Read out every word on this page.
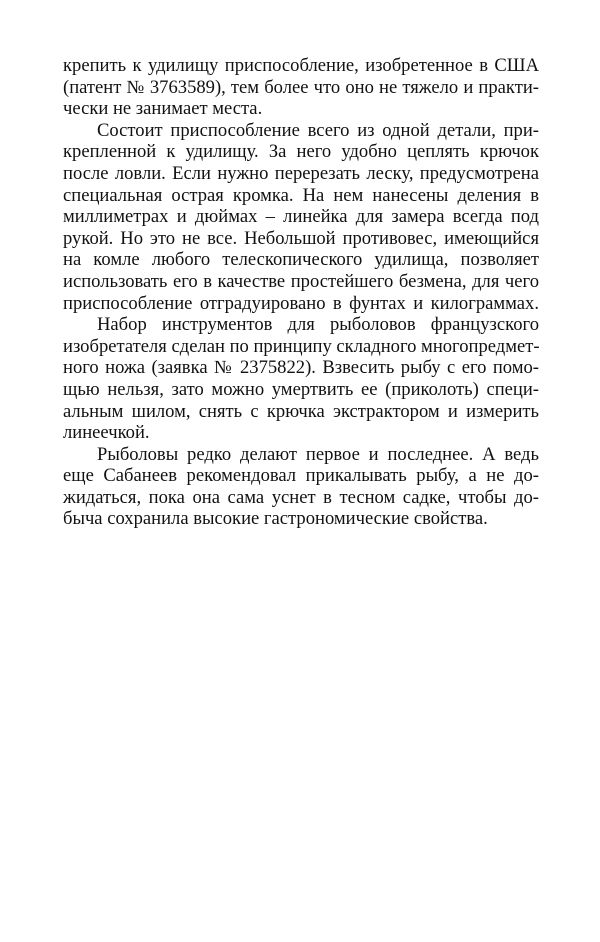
крепить к удилищу приспособление, изобретенное в США
(патент № 3763589), тем более что оно не тяжело и практи-
чески не занимает места.
Состоит приспособление всего из одной детали, при-
крепленной к удилищу. За него удобно цеплять крючок
после ловли. Если нужно перерезать леску, предусмотрена
специальная острая кромка. На нем нанесены деления в
миллиметрах и дюймах – линейка для замера всегда под
рукой. Но это не все. Небольшой противовес, имеющийся
на комле любого телескопического удилища, позволяет
использовать его в качестве простейшего безмена, для чего
приспособление отградуировано в фунтах и килограммах.
Набор инструментов для рыболовов французского
изобретателя сделан по принципу складного многопредмет-
ного ножа (заявка № 2375822). Взвесить рыбу с его помо-
щью нельзя, зато можно умертвить ее (приколоть) специ-
альным шилом, снять с крючка экстрактором и измерить
линеечкой.
Рыболовы редко делают первое и последнее. А ведь
еще Сабанеев рекомендовал прикалывать рыбу, а не до-
жидаться, пока она сама уснет в тесном садке, чтобы до-
быча сохранила высокие гастрономические свойства.
